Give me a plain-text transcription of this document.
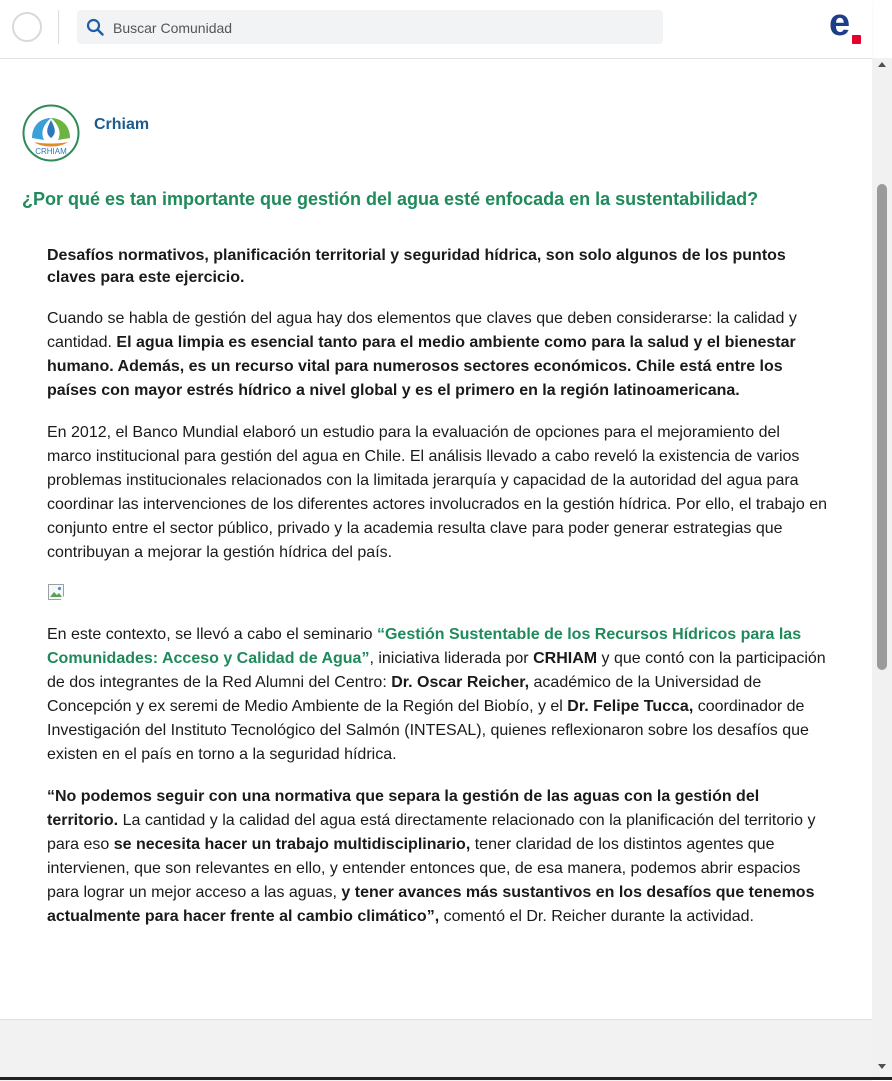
Buscar Comunidad
e
CRHIAM
Crhiam
¿Por qué es tan importante que gestión del agua esté enfocada en la sustentabilidad?

Desafíos normativos, planificación territorial y seguridad hídrica, son solo algunos de los puntos claves para este ejercicio.

Cuando se habla de gestión del agua hay dos elementos que claves que deben considerarse: la calidad y cantidad. El agua limpia es esencial tanto para el medio ambiente como para la salud y el bienestar humano. Además, es un recurso vital para numerosos sectores económicos. Chile está entre los países con mayor estrés hídrico a nivel global y es el primero en la región latinoamericana.

En 2012, el Banco Mundial elaboró un estudio para la evaluación de opciones para el mejoramiento del marco institucional para gestión del agua en Chile. El análisis llevado a cabo reveló la existencia de varios problemas institucionales relacionados con la limitada jerarquía y capacidad de la autoridad del agua para coordinar las intervenciones de los diferentes actores involucrados en la gestión hídrica. Por ello, el trabajo en conjunto entre el sector público, privado y la academia resulta clave para poder generar estrategias que contribuyan a mejorar la gestión hídrica del país.

En este contexto, se llevó a cabo el seminario “Gestión Sustentable de los Recursos Hídricos para las Comunidades: Acceso y Calidad de Agua”, iniciativa liderada por CRHIAM y que contó con la participación de dos integrantes de la Red Alumni del Centro: Dr. Oscar Reicher, académico de la Universidad de Concepción y ex seremi de Medio Ambiente de la Región del Biobío, y el Dr. Felipe Tucca, coordinador de Investigación del Instituto Tecnológico del Salmón (INTESAL), quienes reflexionaron sobre los desafíos que existen en el país en torno a la seguridad hídrica.

“No podemos seguir con una normativa que separa la gestión de las aguas con la gestión del territorio. La cantidad y la calidad del agua está directamente relacionado con la planificación del territorio y para eso se necesita hacer un trabajo multidisciplinario, tener claridad de los distintos agentes que intervienen, que son relevantes en ello, y entender entonces que, de esa manera, podemos abrir espacios para lograr un mejor acceso a las aguas, y tener avances más sustantivos en los desafíos que tenemos actualmente para hacer frente al cambio climático”, comentó el Dr. Reicher durante la actividad.
